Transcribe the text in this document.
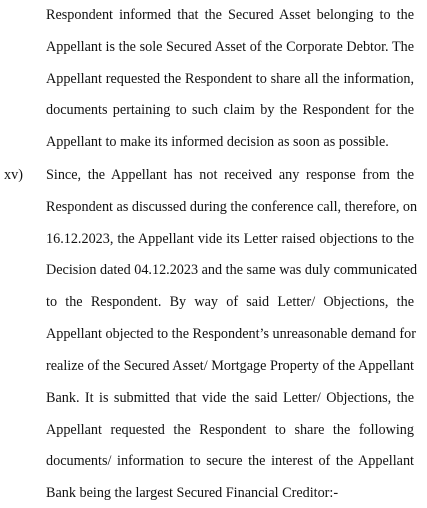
Respondent informed that the Secured Asset belonging to the
Appellant is the sole Secured Asset of the Corporate Debtor. The
Appellant requested the Respondent to share all the information,
documents pertaining to such claim by the Respondent for the
Appellant to make its informed decision as soon as possible.
xv) Since, the Appellant has not received any response from the
Respondent as discussed during the conference call, therefore, on
16.12.2023, the Appellant vide its Letter raised objections to the
Decision dated 04.12.2023 and the same was duly communicated
to the Respondent. By way of said Letter/ Objections, the
Appellant objected to the Respondent’s unreasonable demand for
realize of the Secured Asset/ Mortgage Property of the Appellant
Bank. It is submitted that vide the said Letter/ Objections, the
Appellant requested the Respondent to share the following
documents/ information to secure the interest of the Appellant
Bank being the largest Secured Financial Creditor:-
